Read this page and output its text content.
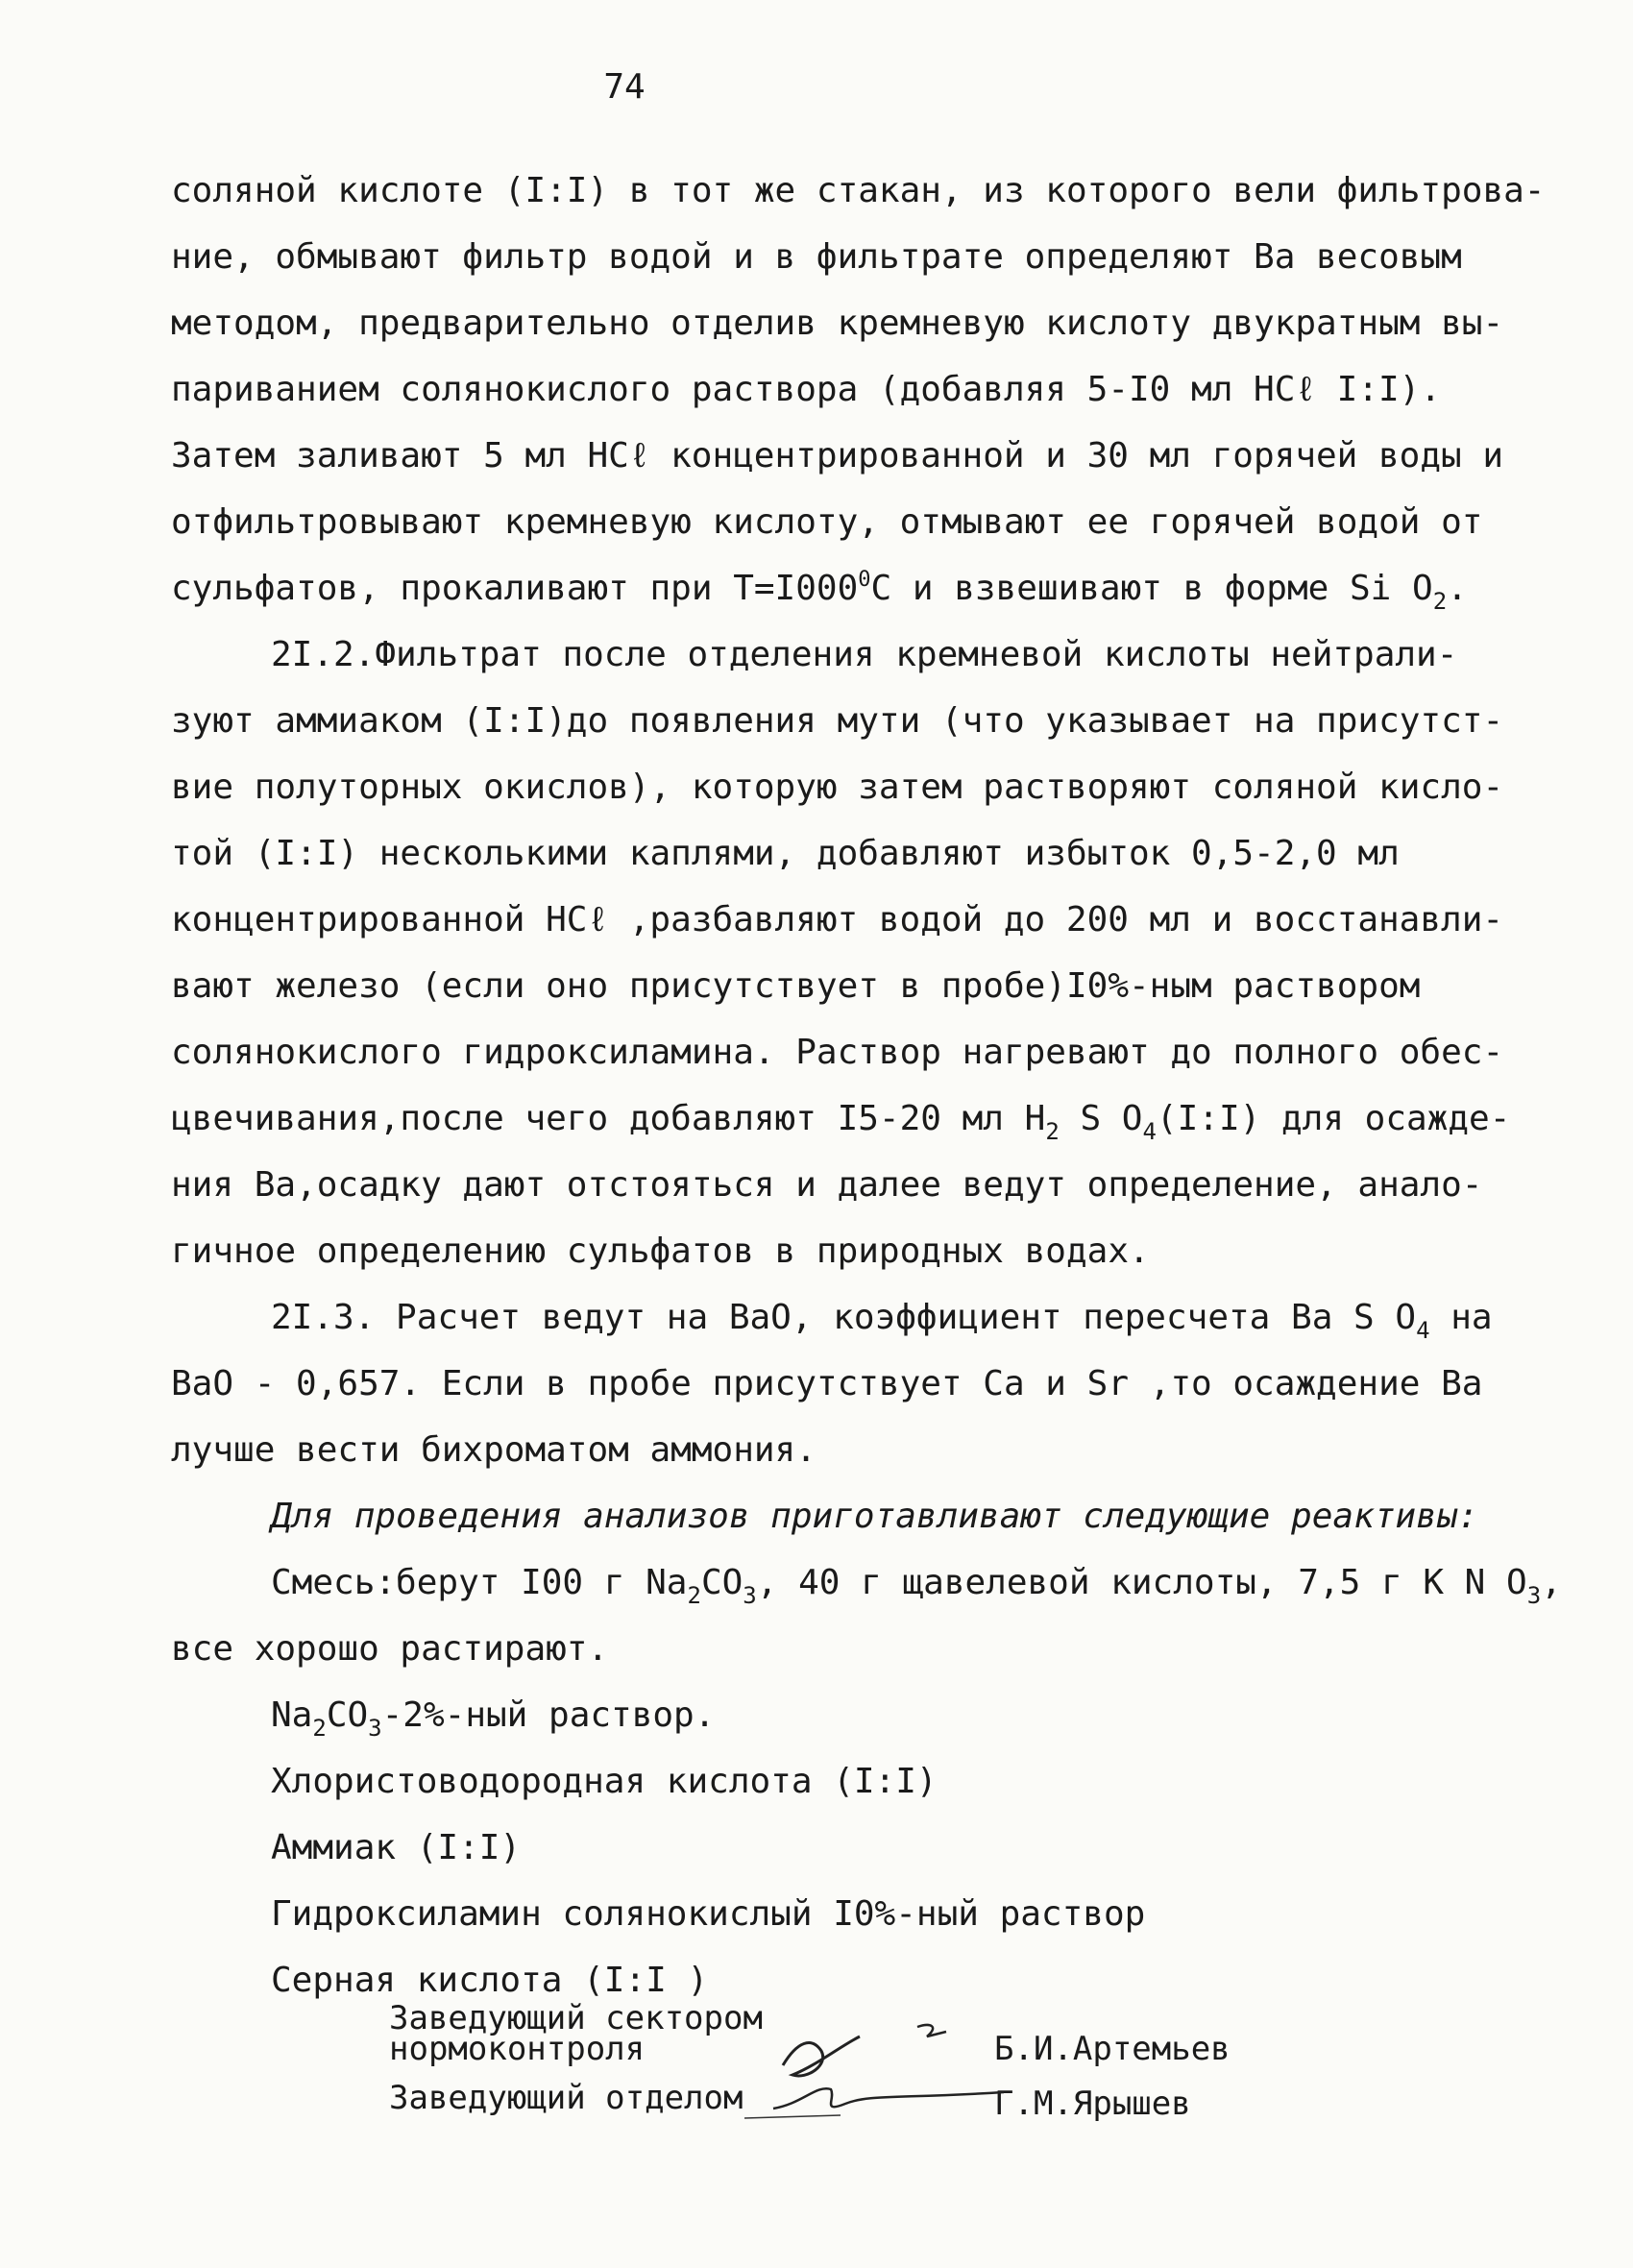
74
соляной кислоте (I:I) в тот же стакан, из которого вели фильтрова-
ние, обмывают фильтр водой и в фильтрате определяют Ва весовым
методом, предварительно отделив кремневую кислоту двукратным вы-
париванием солянокислого раствора (добавляя 5-I0 мл НСℓ I:I).
Затем заливают 5 мл НСℓ концентрированной и 30 мл горячей воды и
отфильтровывают кремневую кислоту, отмывают ее горячей водой от
сульфатов, прокаливают при $Т=I000^0С$ и взвешивают в форме Si $O_2$.
2I.2.Фильтрат после отделения кремневой кислоты нейтрали-
зуют аммиаком (I:I)до появления мути (что указывает на присутст-
вие полуторных окислов), которую затем растворяют соляной кисло-
той (I:I) несколькими каплями, добавляют избыток 0,5-2,0 мл
концентрированной НСℓ ,разбавляют водой до 200 мл и восстанавли-
вают железо (если оно присутствует в пробе)I0%-ным раствором
солянокислого гидроксиламина. Раствор нагревают до полного обес-
цвечивания,после чего добавляют I5-20 мл $Н_2$ S $O_4(I:I)$ для осажде-
ния Ва,осадку дают отстояться и далее ведут определение, анало-
гичное определению сульфатов в природных водах.
2I.3. Расчет ведут на ВаО, коэффициент пересчета Ва S $O_4$ на
ВаО - 0,657. Если в пробе присутствует Са и Sr ,то осаждение Ва
лучше вести бихроматом аммония.
Для проведения анализов приготавливают следующие реактивы:
Смесь:берут I00 г $Na_2CO_3$, 40 г щавелевой кислоты, 7,5 г K N $O_3$,
все хорошо растирают.
$Na_2CO_3-2\%$-ный раствор.
Хлористоводородная кислота (I:I)
Аммиак (I:I)
Гидроксиламин солянокислый I0%-ный раствор
Серная кислота (I:I )
Заведующий сектором
нормоконтроля	Б.И.Артемьев
Заведующий отделом	Г.М.Ярышев
